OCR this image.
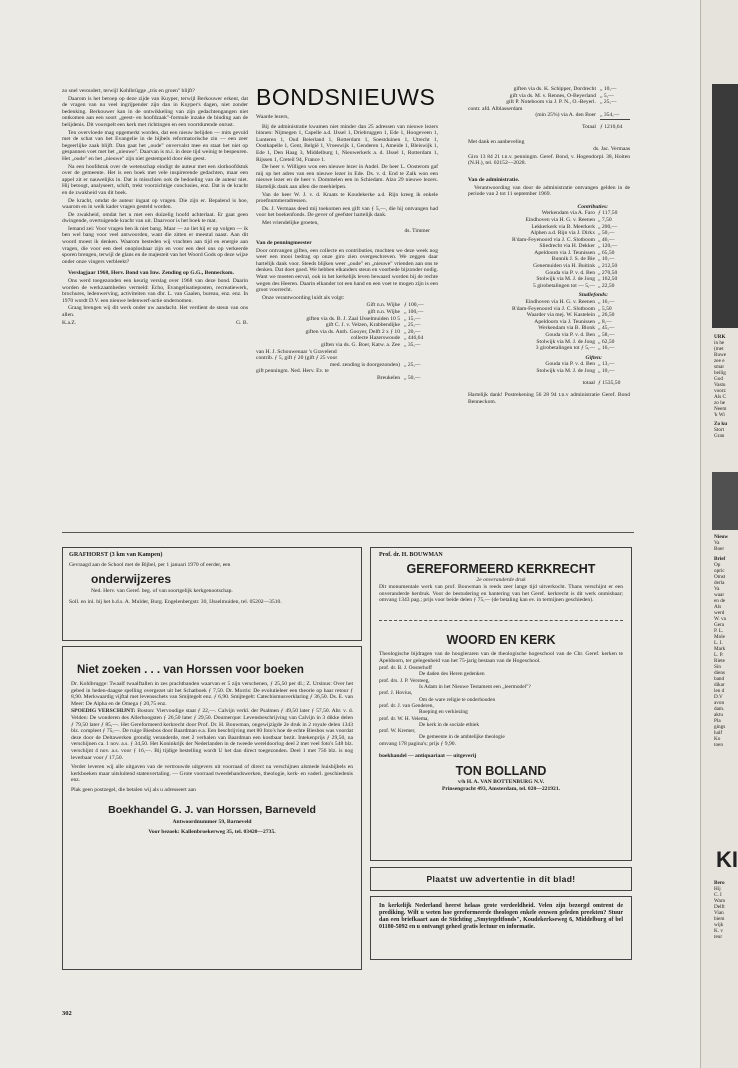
zo snel veroudert, terwijl Kohlbrügge „tris en groen" blijft?

Daarom is het beroep op deze zijde van Kuyper, terwijl Berkouwer erkent, dat de vragen van nu veel ingrijpender zijn dan in Kuyper's dagen, niet zonder bedenking. Berkouwer kan in de ontwikkeling van zijn gedachtengangen niet ontkomen aan een soort „geest- en hoofdzaak"-formule inzake de binding aan de belijdenis. Dit voorspelt een kerk met richtingen en een voortdurende onrust.

Ten overvloede mag opgemerkt worden, dat een nieuw belijden — mits gevuld met de schat van het Evangelie in de bijbels reformatorische zin — een zeer begeerlijke zaak blijft. Dan gaat het „oude" onvervalst mee en staat het niet op gespannen voet met het „nieuwe". Daarvan is m.i. in deze tijd weinig te bespeuren. Het „oude" en het „nieuwe" zijn niet gestempeld door één geest.

Na een hoofdstuk over de wetenschap eindigt de auteur met een slothoofdstuk over de gemeente. Het is een boek met vele inspirerende gedachten, maar een appel zit er nauwelijks in. Dat is misschien ook de bedoeling van de auteur niet. Hij betoogt, analyseert, schift, trekt voorzichtige conclusies, enz. Dat is de kracht en de zwakheid van dit boek.

De kracht, omdat de auteur ingaat op vragen. Die zijn er. Bepalend is hoe, waarom en in welk kader vragen gesteld worden.

De zwakheid, omdat het u met een duizelig hoofd achterlaat. Er gaat geen dwingende, overtuigende kracht van uit. Daarvoor is het boek te mat.

Iemand zei: Voor vragen ben ik niet bang. Maar — zo liet hij er op volgen — ik ben wel bang voor veel antwoorden, want die zitten er meestal naast. Aan dit woord moest ik denken. Waarom besteden wij vrachten aan tijd en energie aan vragen, die voor een deel onoplosbaar zijn en voor een deel ons op verkeerde sporen brengen, terwijl de glans en de majesteit van het Woord Gods op deze wijze onder onze vingers verbleekt?

Verslagjaar 1968, Herv. Bond van Inw. Zending op G.G., Benneckom.

Ons werd toegezonden een keurig verslag over 1968 van deze bond. Daarin worden de werkzaamheden vermeld: Echo, Evangelisatieposten, recreatiewerk, brochures, ledenwerving, activiteiten van dhr. L. van Gaalen, bureau, enz. enz. In 1970 wordt D.V. een nieuwe ledenwerf-actie ondernomen.

Graag brengen wij dit werk onder uw aandacht. Het verdient de steun van ons allen.

K.a.Z.	G. B.
BONDSNIEUWS

Waarde lezers,

Bij de administratie kwamen niet minder dan 25 adressen van nieuwe lezers binnen: Nijmegen 1, Capelle a.d. IJssel 1, Driebruggen 1, Ede 1, Hoogeveen 1, Lunteren 1, Oud Beierland 1, Rotterdam 1, Soestduinen 1, Utrecht 1, Oostkapelle 1, Gent, België 1, Vroeswijk 1, Genderen 1, Ameide 1, Bleiswijk 1, Ede 1, Den Haag 3, Middelburg 1, Nieuwerkerk a. d. IJssel 1, Rotterdam 1, Rijssen 1, Creteil 94, France 1.

De heer v. Willigen won een nieuwe lezer in Andel. De heer L. Oosterom gaf mij op het adres van een nieuwe lezer in Ede. Ds. v. d. End te Zalk won een nieuwe lezer en de heer v. Dommelen een in Schiedam. Alzo 29 nieuwe lezers. Hartelijk dank aan allen die meehielpen.

Van de heer W. J. v. d. Kraats te Koudekerke a.d. Rijn kreeg ik enkele proefnummeradressen.

Ds. J. Vermaas deed mij toekomen een gift van ƒ 5,—, die hij ontvangen had voor het boekenfonds. De gever of geefster hartelijk dank.

Met vriendelijke groeten,

ds. Timmer

Van de penningmeester

Door ontvangen giften, een collecte en contributies, mochten we deze week nog weer een mooi bedrag op onze giro zien overgeschreven. We zeggen daar hartelijk dank voor. Steeds blijken weer „oude" en „nieuwe" vrienden aan ons te denken. Dat doet goed. We hebben elkanders steun en voorbede bijzonder nodig. Want we moeten eerval, ook in het kerkelijk leven bewaard worden bij de rechte wegen des Heeren. Daarin elkander tot een hand en een voet te mogen zijn is een groot voorrecht.

Onze verantwoording luidt als volgt:

Gift n.n. Wijhe ƒ 100,—
gift n.n. Wijhe „ 100,—
giften via ds. B. J. Zaal IJsselmuiden 10 5 „ 15,—
gift C. J. v. Velzen, Krabbendijke „ 25,—
giften via ds. Anth. Gooyer, Delft 2 x ƒ 10 „ 20,—
collecte Hazerswoude „ 446,64
giften via ds. G. Boer, Katw. a. Zee „ 35,—
van H. J. Schouwenaar 's Gravelend
contrib. ƒ 5, gift ƒ 20 (gift ƒ 25 voor
med. zending is doorgezonden) „ 25,—
gift penningm. Ned. Herv. Ev. te
Breukelen „ 50,—
giften via ds. K. Schipper, Dordrecht „ 10,—
gift via ds. M. v. Rennes, O-Beyerland „ 5,—
gift P. Noteboom via J. P. N., O.-Beyerl. „ 25,—
contr. afd. Alblasserdam
(min 25%) via A. den Boer „ 354,—
Totaal ƒ 1210,64

Met dank en aanbeveling

ds. Jac. Vermaas

Giro 13 84 21 t.n.v. penningm. Geref. Bond, v. Hogendorpl. 38, Hoiten (N.H.), tel. 02152—2028.

Van de administratie.

Verantwoording van door de administratie ontvangen gelden in de periode van 2 tot 11 september 1969.

Contributies:
Werkendam via A. Faro ƒ 117,50
Eindhoven via H. G. v. Reenen „ 7,50
Lekkerkerk via B. Meerkerk „ 200,—
Alphen a.d. Rijn via J. Dirkx „ 50,—
R'dam-Feyenoord via J. C. Slotboom „ 46,—
Sliedrecht via H. Dekker „ 120,—
Apeldoorn via J. Teunissen „ 65,50
Bunnik J. S. de Bie „ 10,—
Genemuiden via H. Buitink „ 212,50
Gouda via P. v. d. Ben „ 270,50
Stolwijk via M. J. de Jong „ 162,50
5 girobetalingen tot — 5,— „ 22,50
Studiefonds:
Eindhoven via H. G. v. Reenen „ 16,—
R'dam-Feyenoord via J. C. Slotboom „ 5,50
Waarder via mej. W. Kastelein „ 26,50
Apeldoorn via J. Teunissen „ 8,—
Werkendam via B. Blonk „ 45,—
Gouda via P. v. d. Ben „ 58,—
Stolwijk via M. J. de Jong „ 62,50
3 girobetalingen tot ƒ 5,— „ 16,—
Giften:
Gouda via P. v. d. Ben „ 13,—
Stolwijk via M. J. de Jong „ 10,—
totaal ƒ 1535,50

Hartelijk dank! Postrekening 56 28 94 t.n.v administratie Geref. Bond Benneckom.

GRAFHORST (3 km van Kampen)
Gevraagd aan de School met de Bijbel, per 1 januari 1970 of eerder, een
onderwijzeres
Ned. Herv. van Geref. beg. of van soortgelijk kerkgenootschap.
Soll. en inl. bij het h.d.s. A. Mulder, Burg. Engelenbergstr. 30, IJsselmuiden, tel. 05202—3510.
Niet zoeken . . . van Horssen voor boeken

Dr. Kohlbrugge: Twaalf twaalftallen in zes prachtbanden waarvan er 5 zijn verschenen, ƒ 25,50 per dl.; Z. Ursinus: Over het gebed in heden-daagse spelling overgezet uit het Schatboek ƒ 7,50. Dr. Morris: De evolutieleer een theorie op haar retour ƒ 8,90. Merkwaardig vijftal met levensschets van Smijtegelt enz. ƒ 6,90. Smijtegelt: Catechismusverklaring ƒ 36,50. Ds. E. van Meer: De Alpha en de Omega ƒ 20,75 enz.

SPOEDIG VERSCHIJNT: Boston: Viervoudige staat ƒ 22,—. Calvijn verkl. der Psalmen ƒ 49,50 later ƒ 57,50. Abr. v. d. Velden: De wonderen des Allerhoogsten ƒ 26,50 later ƒ 29,50. Doumerque: Levensbeschrijving van Calvijn in 3 dikke delen ƒ 79,50 later ƒ 85,—. Het Gereformeerd kerkrecht door Prof. Dr. H. Bouwman, ongewijzigde 2e druk in 2 royale delen 1343 blz. compleet ƒ 75,—. De ruige Biesbos door Baardman e.a. Een beschrijving met 80 foto's hoe de echte Biesbos was voordat deze door de Deltawerken grondig veranderde, met 2 verhalen van Baardman een kostbaar bezit. Intekenprijs ƒ 29,50, na verschijnen ca. 1 nov. a.s. ƒ 34,50. Het Koninkrijk der Nederlanden in de tweede wereldoorlog deel 2 met veel foto's 548 blz. verschijnt 4 nov. a.s. voor ƒ 16,—. Bij tijdige bestelling wordt U het dan direct toegezonden. Deel 1 met 756 blz. is nog leverbaar voor ƒ 17,50.

Verder leveren wij alle uitgaven van de vertrouwde uitgevers uit voorraad of direct na verschijnen alsmede huisbijbels en kerkboeken maar uitsluitend statenvertaling. — Grote voorraad tweedehandswerken, theologie, kerk- en vaderl. geschiedenis enz.

Plak geen postzegel, die betalen wij als u adresseert aan

Boekhandel G. J. van Horssen, Barneveld
Antwoordnummer 59, Barneveld
Voor bezoek: Kallenbroekerweg 35, tel. 03420—2735.
Prof. dr. H. BOUWMAN
GEREFORMEERD KERKRECHT
2e onveranderde druk

Dit monumentale werk van prof. Bouwman is reeds zeer lange tijd uitverkocht. Thans verschijnt er een onveranderde herdruk. Voor de bestudering en hantering van het Geref. kerkrecht is dit werk onmisbaar; omvang 1343 pag.; prijs voor beide delen ƒ 75,— (de betaling kan ev. in termijnen geschieden).

WOORD EN KERK

Theologische bijdragen van de hoogleraren van de theologische hogeschool van de Chr. Geref. kerken te Apeldoorn, ter gelegenheid van het 75-jarig bestaan van de Hogeschool.

prof. dr. B. J. Oosterhoff
De daden des Heren gedenken
prof. drs. J. P. Versteeg,
Is Adam in het Nieuwe Testament een „leermodel"?
prof. J. Hovius,
Om de ware religie te onderhouden
prof. dr. J. van Genderen,
Roeping en verkiezing
prof. dr. W. H. Velema,
De kerk in de sociale ethiek
prof. W. Kremer,
De gemeente in de ambtelijke theologie
omvang 178 pagina's; prijs ƒ 9,90.
boekhandel — antiquariaat — uitgeverij
TON BOLLAND
v/h H. A. VAN BOTTENBURG N.V.
Prinsengracht 493, Amsterdam, tel. 020—221921.
Plaatst uw advertentie in dit blad!

In kerkelijk Nederland heerst helaas grote verdeeldheid. Velen zijn bezorgd omtrent de prediking. Wilt u weten hoe gereformeerde theologen enkele eeuwen geleden preekten? Stuur dan een briefkaart aan de Stichting „Smytegeltfonds", Koudekerkseweg 6, Middelburg of bel 01180-5092 en u ontvangt geheel gratis lectuur en informatie.

302
URK
in he
(met
Ruwe
zee e
smar
heilig
God
Vastu
voorz
Als C
zo he
Neem
'k Wi
Zo ku
Stort
Gran
Nieuw
Va
Boer
Brief
Op
opric
Omst
derla
Va
waar
en de
Als
werd
W. va
Gera
P. L.
Mole
L. I.
Mark
L. P.
Riete
Sin
diens
band
dikar
len d
D.V
avon
dam.
aktu
Pla
gings
half
Ko
toen
KI
Bero
Hij
C. I
Warn
Delft
Vian
biem
wijk
K. v
teur
